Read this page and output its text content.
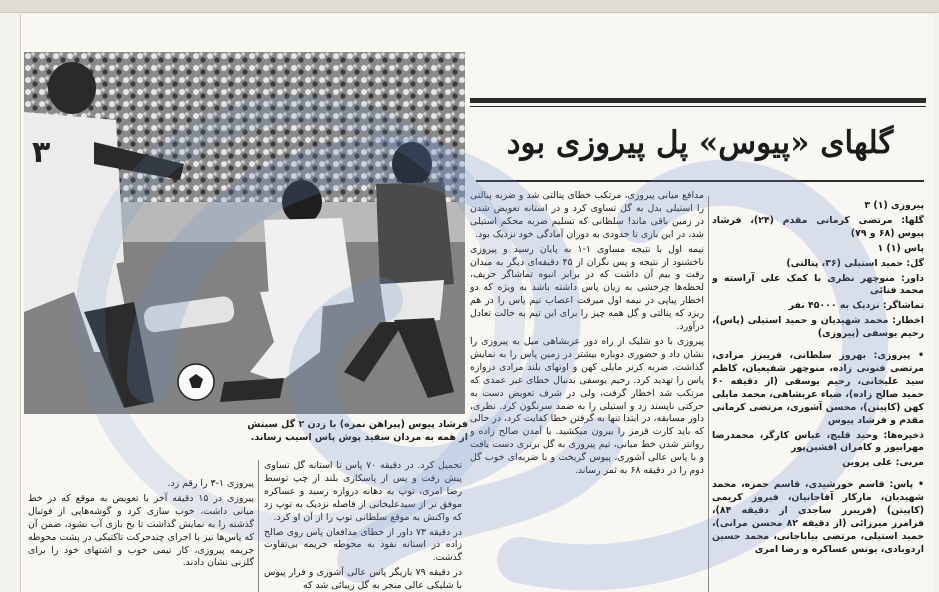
۳
فرشاد پیوس (پیراهن نمره) با زدن ۲ گل سیتش از همه به مردان سفید پوش پاس اسیب رساند.
گلهای «پیوس» پل پیروزی بود

پیروزی (۱) ۳

گلها: مرتضی کرمانی مقدم (۲۴)، فرشاد پیوس (۶۸ و ۷۹)

پاس (۱) ۱

گل: حمید استیلی (۳۶، پنالتی)

داور: منوچهر نظری با کمک علی آراسته و محمد فنائی

تماشاگر: نزدیک به ۴۵۰۰۰ نفر

اخطار: محمد شهیدیان و حمید استیلی (پاس)، رحیم یوسفی (پیروزی)

• پیروزی: بهروز سلطانی، فریبرز مرادی، مرتضی فنونی زاده، منوچهر شفیعیان، کاظم سید علیخانی، رحیم یوسفی (از دقیقه ۶۰ حمید صالح زاده)، ضیاء عربشاهی، محمد مایلی کهن (کاپیتن)، محسن آشوری، مرتضی کرمانی مقدم و فرشاد پیوس

ذخیره‌ها: وحید قلیچ، عباس کارگر، محمدرضا مهرابیور و کامران افشین‌پور

مربی: علی پروین

• پاس: قاسم خورشیدی، قاسم حمزه، محمد شهیدیان، مارکار آقاجانیان، فیروز کریمی (کاپیتن) (فریبرز ساجدی از دقیقه ۸۴)، فرامرز میرزائی (از دقیقه ۸۲ محسن مرانی)، حمید استیلی، مرتضی بیاباجانی، محمد حسین اردوبادی، یونس عساکره و رضا امری

مدافع میانی پیروزی، مرتکب خطای پنالتی شد و ضربه پنالتی را استیلی بدل به گل تساوی کرد و در استانه تعویض شدن در زمین باقی ماند! سلطانی که تسلیم ضربه محکم استیلی شد، در این بازی تا حدودی به دوران آمادگی خود نزدیک بود.

نیمه اول با نتیجه مساوی ۱-۱ به پایان رسید و پیروزی ناخشنود از نتیجه و پس نگران از ۴۵ دقیقه‌ای دیگر به میدان رفت و بیم آن داشت که در برابر انبوه تماشاگر حریف، لحظه‌ها چرخشی به زیان پاس داشته باشد به ویژه که دو اخطار پیاپی در نیمه اول میرفت اعصاب تیم پاس را در هم ریزد که پنالتی و گل همه چیز را برای این تیم به حالت تعادل درآورد.

پیروزی با دو شلیک از راه دور عربشاهی میل به پیروزی را نشان داد و حضوری دوباره بیشتر در زمین پاس را به نمایش گذاشت. ضربه کرنر مایلی کهن و اوتهای بلند مرادی دروازه پاس را تهدید کرد. رحیم یوسفی بدنبال خطای غیر عمدی که مرتکب شد اخطار گرفت، ولی در شرف تعویض دست به حرکتی ناپسند زد و استیلی را به ضمد سرنگون کرد. نظری، داور مسابقه، در ابتدا تنها به گرفتن خطا کفایت کرد، در حالی که باید کارت قرمز را بیرون میکشید. با آمدن صالح زاده و روانتر شدن خط میانی، تیم پیروزی به گل برتری دست یافت و با پاس عالی آشوری، پیوس گریخت و با ضربه‌ای خوب گل دوم را در دقیقه ۶۸ به ثمر رساند.

تحمیل کرد. در دقیقه ۷۰ پاس تا استانه گل تساوی پیش رفت و پس از پاسکاری بلند از چپ توسط رضا امری، توپ به دهانه دروازه رسید و عساکره موفق تر از سیدعلیخانی از فاصله نزدیک به توپ زد که واکنش به موقع سلطانی توپ را از آن او کرد.

در دقیقه ۷۳ داور از خطای مدافعان پاس روی صالح زاده در استانه نفوذ به محوطه جریمه بی‌تفاوت گذشت.

در دقیقه ۷۹ بازیگر پاس عالی آشوری و فرار پیوس با شلیکی عالی منجر به گل زیبائی شد که

پیروزی ۱-۳ را رقم زد.

پیروزی در ۱۵ دقیقه آخر با تعویض به موقع که در خط میانی داشت، خوب سازی کرد و گوشه‌هایی از فوتبال گذشته را به نمایش گذاشت تا بخ بازی آب نشود، ضمن آن که پاس‌ها نیز با اجرای چندحرکت تاکتیکی در پشت محوطه جریمه پیروزی، کار تیمی خوب و اشتهای خود را برای گلزنی نشان دادند.
